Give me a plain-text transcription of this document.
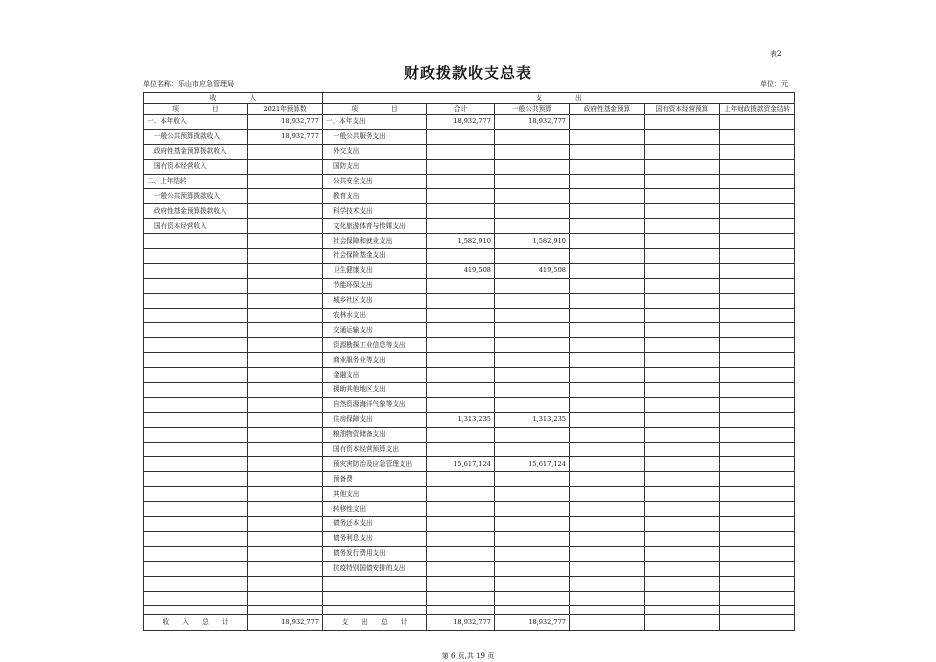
表2
财政拨款收支总表
单位名称：乐山市应急管理局	单位：元
收　　　　　入		支　　　　　出					
项　　　　　目	2021年预算数	项　　　　　目	合计	一般公共预算	政府性基金预算	国有资本经营预算	上年财政拨款资金结转
一、本年收入	18,932,777	一、本年支出	18,932,777	18,932,777			
一般公共预算拨款收入	18,932,777	一般公共服务支出					
政府性基金预算拨款收入		外交支出					
国有资本经营收入		国防支出					
二、上年结转		公共安全支出					
一般公共预算拨款收入		教育支出					
政府性基金预算拨款收入		科学技术支出					
国有资本经营收入		文化旅游体育与传媒支出					
		社会保障和就业支出	1,582,910	1,582,910			
		社会保险基金支出					
		卫生健康支出	419,508	419,508			
		节能环保支出					
		城乡社区支出					
		农林水支出					
		交通运输支出					
		资源勘探工业信息等支出					
		商业服务业等支出					
		金融支出					
		援助其他地区支出					
		自然资源海洋气象等支出					
		住房保障支出	1,313,235	1,313,235			
		粮油物资储备支出					
		国有资本经营预算支出					
		预灾害防治及应急管理支出	15,617,124	15,617,124			
		预备费					
		其他支出					
		转移性支出					
		债务还本支出					
		债务利息支出					
		债务发行费用支出					
		抗疫特别国债安排的支出					

收　　入　　总　　计	18,932,777	支　　出　　总　　计	18,932,777	18,932,777			
第 6 页,共 19 页
